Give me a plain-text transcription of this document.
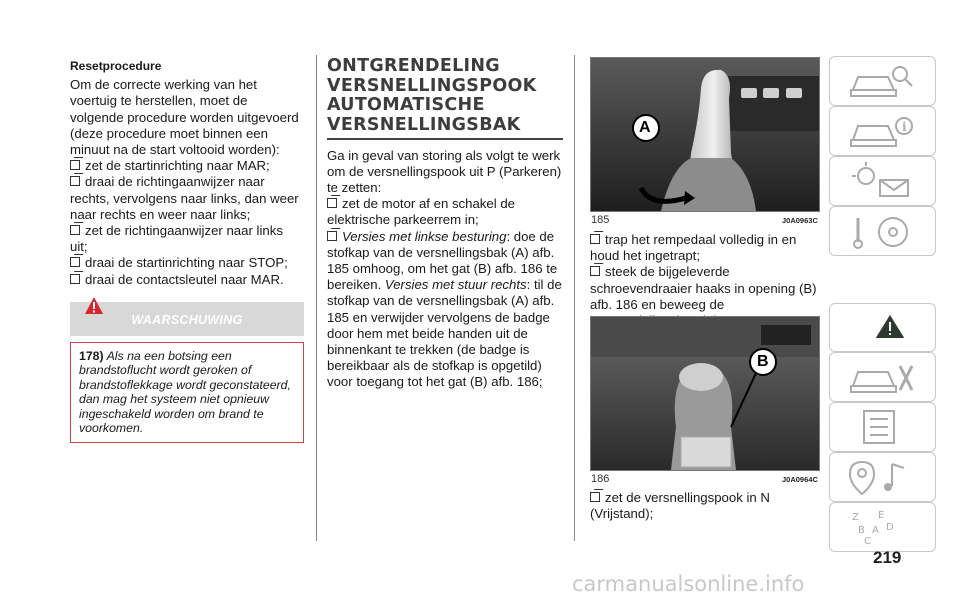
Resetprocedure

Om de correcte werking van het voertuig te herstellen, moet de volgende procedure worden uitgevoerd (deze procedure moet binnen een minuut na de start voltooid worden):

zet de startinrichting naar MAR;

draai de richtingaanwijzer naar rechts, vervolgens naar links, dan weer naar rechts en weer naar links;

zet de richtingaanwijzer naar links uit;

draai de startinrichting naar STOP;

draai de contactsleutel naar MAR.

WAARSCHUWING
178) Als na een botsing een brandstoflucht wordt geroken of brandstoflekkage wordt geconstateerd, dan mag het systeem niet opnieuw ingeschakeld worden om brand te voorkomen.
ONTGRENDELING VERSNELLINGSPOOK AUTOMATISCHE VERSNELLINGSBAK

Ga in geval van storing als volgt te werk om de versnellingspook uit P (Parkeren) te zetten:

zet de motor af en schakel de elektrische parkeerrem in;

Versies met linkse besturing: doe de stofkap van de versnellingsbak (A) afb. 185 omhoog, om het gat (B) afb. 186 te bereiken. Versies met stuur rechts: til de stofkap van de versnellingsbak (A) afb. 185 en verwijder vervolgens de badge door hem met beide handen uit de binnenkant te trekken (de badge is bereikbaar als de stofkap is opgetild) voor toegang tot het gat (B) afb. 186;

A
185	J0A0963C

trap het rempedaal volledig in en houd het ingetrapt;

steek de bijgeleverde schroevendraaier haaks in opening (B) afb. 186 en beweeg de

B
186	J0A0964C

zet de versnellingspook in N (Vrijstand);

i
Z E
B A D
C
219
carmanualsonline.info
